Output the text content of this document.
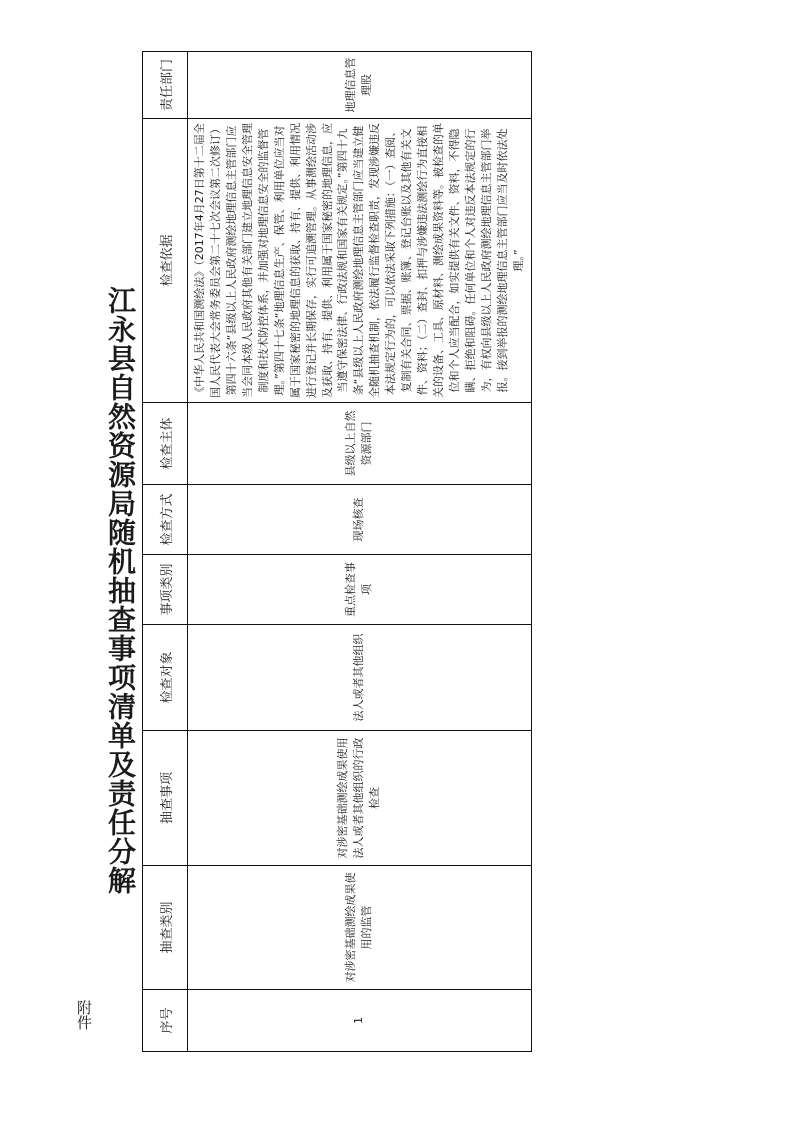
附件
江永县自然资源局随机抽查事项清单及责任分解
序号	抽查类别	抽查事项	检查对象	事项类别	检查方式	检查主体	检查依据	责任部门
1	对涉密基础测绘成果使用的监管	对涉密基础测绘成果使用法人或者其他组织的行政检查	法人或者其他组织	重点检查事项	现场核查	县级以上自然资源部门	《中华人民共和国测绘法》（2017年4月27日第十二届全国人民代表大会常务委员会第二十七次会议第二次修订）第四十六条“县级以上人民政府测绘地理信息主管部门应当会同本级人民政府其他有关部门建立地理信息安全管理制度和技术防控体系，并加强对地理信息安全的监督管理。”第四十七条“地理信息生产、保管、利用单位应当对属于国家秘密的地理信息的获取、持有、提供、利用情况进行登记并长期保存，实行可追溯管理。从事测绘活动涉及获取、持有、提供、利用属于国家秘密的地理信息，应当遵守保密法律、行政法规和国家有关规定。”第四十九条“县级以上人民政府测绘地理信息主管部门应当建立健全随机抽查机制，依法履行监督检查职责，发现涉嫌违反本法规定行为的，可以依法采取下列措施：（一）查阅、复制有关合同、票据、账簿、登记台账以及其他有关文件、资料；（二）查封、扣押与涉嫌违法测绘行为直接相关的设备、工具、原材料、测绘成果资料等。被检查的单位和个人应当配合，如实提供有关文件、资料，不得隐瞒、拒绝和阻碍。任何单位和个人对违反本法规定的行为，有权向县级以上人民政府测绘地理信息主管部门举报。接到举报的测绘地理信息主管部门应当及时依法处理。”	地理信息管理股
